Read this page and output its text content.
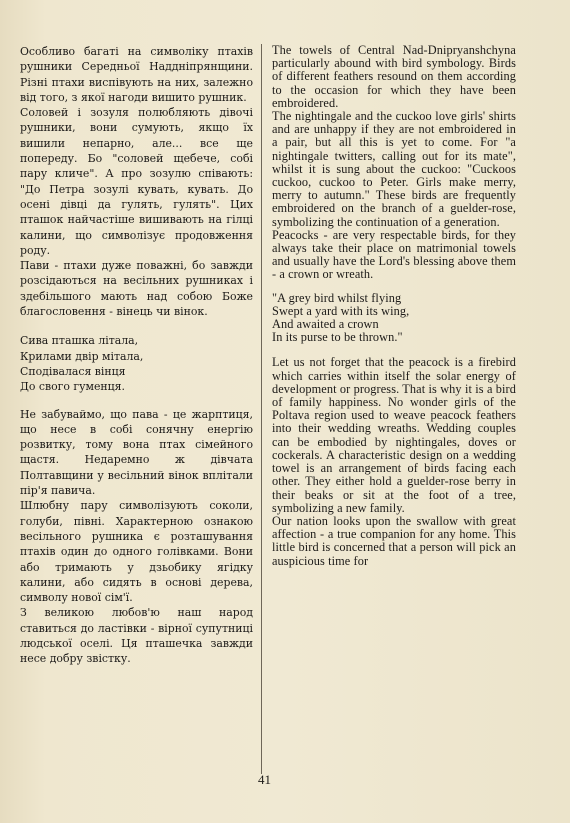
Особливо багаті на символіку птахів рушники Середньої Наддніпрянщини. Різні птахи виспівують на них, залежно від того, з якої нагоди вишито рушник.

Соловей і зозуля полюбляють дівочі рушники, вони сумують, якщо їх вишили непарно, але... все ще попереду. Бо "соловей щебече, собі пару кличе". А про зозулю співають: "До Петра зозулі кувать, кувать. До осені дівці да гулять, гулять". Цих пташок найчастіше вишивають на гілці калини, що символізує продовження роду.

Пави - птахи дуже поважні, бо завжди розсідаються на весільних рушниках і здебільшого мають над собою Боже благословення - вінець чи вінок.

Сива пташка літала,
Крилами двір мітала,
Сподівалася вінця
До свого гуменця.

Не забуваймо, що пава - це жарптиця, що несе в собі сонячну енергію розвитку, тому вона птах сімейного щастя. Недаремно ж дівчата Полтавщини у весільний вінок вплітали пір'я павича.

Шлюбну пару символізують соколи, голуби, півні. Характерною ознакою весільного рушника є розташування птахів один до одного голівками. Вони або тримають у дзьобику ягідку калини, або сидять в основі дерева, символу нової сім'ї.

З великою любов'ю наш народ ставиться до ластівки - вірної супутниці людської оселі. Ця пташечка завжди несе добру звістку.

The towels of Central Nad-Dnipryanshchyna particularly abound with bird symbology. Birds of different feathers resound on them according to the occasion for which they have been embroidered.

The nightingale and the cuckoo love girls' shirts and are unhappy if they are not embroidered in a pair, but all this is yet to come. For "a nightingale twitters, calling out for its mate", whilst it is sung about the cuckoo: "Cuckoos cuckoo, cuckoo to Peter. Girls make merry, merry to autumn." These birds are frequently embroidered on the branch of a guelder-rose, symbolizing the continuation of a generation.

Peacocks - are very respectable birds, for they always take their place on matrimonial towels and usually have the Lord's blessing above them - a crown or wreath.

"A grey bird whilst flying
Swept a yard with its wing,
And awaited a crown
In its purse to be thrown."

Let us not forget that the peacock is a firebird which carries within itself the solar energy of development or progress. That is why it is a bird of family happiness. No wonder girls of the Poltava region used to weave peacock feathers into their wedding wreaths. Wedding couples can be embodied by nightingales, doves or cockerals. A characteristic design on a wedding towel is an arrangement of birds facing each other. They either hold a guelder-rose berry in their beaks or sit at the foot of a tree, symbolizing a new family.

Our nation looks upon the swallow with great affection - a true companion for any home. This little bird is concerned that a person will pick an auspicious time for

41
